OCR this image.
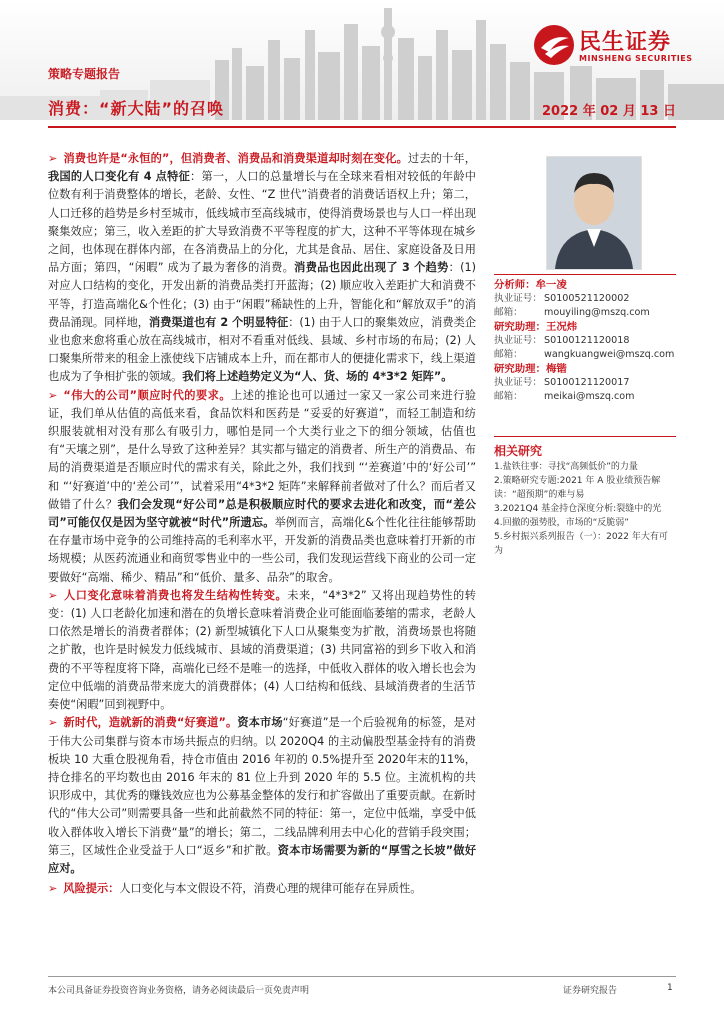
民生证券
MINSHENG SECURITIES
策略专题报告
消费：“新大陆”的召唤	2022 年 02 月 13 日

➢ 消费也许是“永恒的”，但消费者、消费品和消费渠道却时刻在变化。过去的十年，我国的人口变化有 4 点特征：第一，人口的总量增长与在全球来看相对较低的年龄中位数有利于消费整体的增长，老龄、女性、“Z 世代”消费者的消费话语权上升；第二，人口迁移的趋势是乡村至城市，低线城市至高线城市，使得消费场景也与人口一样出现聚集效应；第三，收入差距的扩大导致消费不平等程度的扩大，这种不平等体现在城乡之间，也体现在群体内部，在各消费品上的分化，尤其是食品、居住、家庭设备及日用品方面；第四，“闲暇” 成为了最为奢侈的消费。消费品也因此出现了 3 个趋势：(1) 对应人口结构的变化，开发出新的消费品类打开蓝海；(2) 顺应收入差距扩大和消费不平等，打造高端化&个性化；(3) 由于“闲暇”稀缺性的上升，智能化和“解放双手”的消费品涌现。同样地，消费渠道也有 2 个明显特征：(1) 由于人口的聚集效应，消费类企业也愈来愈将重心放在高线城市，相对不看重对低线、县域、乡村市场的布局；(2) 人口聚集所带来的租金上涨使线下店铺成本上升，而在都市人的便捷化需求下，线上渠道也成为了争相扩张的领域。我们将上述趋势定义为“人、货、场的 4*3*2 矩阵”。

➢ “伟大的公司”顺应时代的要求。上述的推论也可以通过一家又一家公司来进行验证，我们单从估值的高低来看，食品饮料和医药是 “妥妥的好赛道”，而轻工制造和纺织服装就相对没有那么有吸引力，哪怕是同一个大类行业之下的细分领域，估值也有“天壤之别”，是什么导致了这种差异？其实都与锚定的消费者、所生产的消费品、布局的消费渠道是否顺应时代的需求有关，除此之外，我们找到 “‘差赛道’中的‘好公司’” 和 “‘好赛道’中的‘差公司’”，试着采用“4*3*2 矩阵”来解释前者做对了什么？而后者又做错了什么？我们会发现“好公司”总是积极顺应时代的要求去进化和改变，而“差公司”可能仅仅是因为坚守就被“时代”所遗忘。举例而言，高端化&个性化往往能够帮助在存量市场中竞争的公司维持高的毛利率水平，开发新的消费品类也意味着打开新的市场规模；从医药流通业和商贸零售业中的一些公司，我们发现运营线下商业的公司一定要做好“高端、稀少、精品”和“低价、量多、品杂”的取舍。

➢ 人口变化意味着消费也将发生结构性转变。未来，“4*3*2” 又将出现趋势性的转变：(1) 人口老龄化加速和潜在的负增长意味着消费企业可能面临萎缩的需求，老龄人口依然是增长的消费者群体；(2) 新型城镇化下人口从聚集变为扩散，消费场景也将随之扩散，也许是时候发力低线城市、县域的消费渠道；(3) 共同富裕的到乡下收入和消费的不平等程度将下降，高端化已经不是唯一的选择，中低收入群体的收入增长也会为定位中低端的消费品带来庞大的消费群体；(4) 人口结构和低线、县域消费者的生活节奏使“闲暇”回到视野中。

➢ 新时代，造就新的消费“好赛道”。资本市场“好赛道”是一个后验视角的标签，是对于伟大公司集群与资本市场共振点的归纳。以 2020Q4 的主动偏股型基金持有的消费板块 10 大重仓股视角看，持仓市值由 2016 年初的 0.5%提升至 2020年末的11%，持仓排名的平均数也由 2016 年末的 81 位上升到 2020 年的 5.5 位。主流机构的共识形成中，其优秀的赚钱效应也为公募基金整体的发行和扩容做出了重要贡献。在新时代的“伟大公司”则需要具备一些和此前截然不同的特征：第一，定位中低端，享受中低收入群体收入增长下消费“量”的增长；第二，二线品牌利用去中心化的营销手段突围；第三，区域性企业受益于人口“返乡”和扩散。资本市场需要为新的“厚雪之长坡”做好应对。

➢ 风险提示：人口变化与本文假设不符，消费心理的规律可能存在异质性。

分析师：牟一凌
执业证号： S0100521120002
邮箱： mouyiling@mszq.com
研究助理：王况炜
执业证号： S0100121120018
邮箱： wangkuangwei@mszq.com
研究助理：梅锴
执业证号： S0100121120017
邮箱： meikai@mszq.com
相关研究
1.盐铁往事：寻找“高频低价”的力量
2.策略研究专题:2021 年 A 股业绩预告解读：“超预期”的难与易
3.2021Q4 基金持仓深度分析:裂缝中的光
4.回撤的强势股，市场的“反脆弱”
5.乡村振兴系列报告（一）：2022 年大有可为
本公司具备证券投资咨询业务资格，请务必阅读最后一页免责声明	证券研究报告	1
